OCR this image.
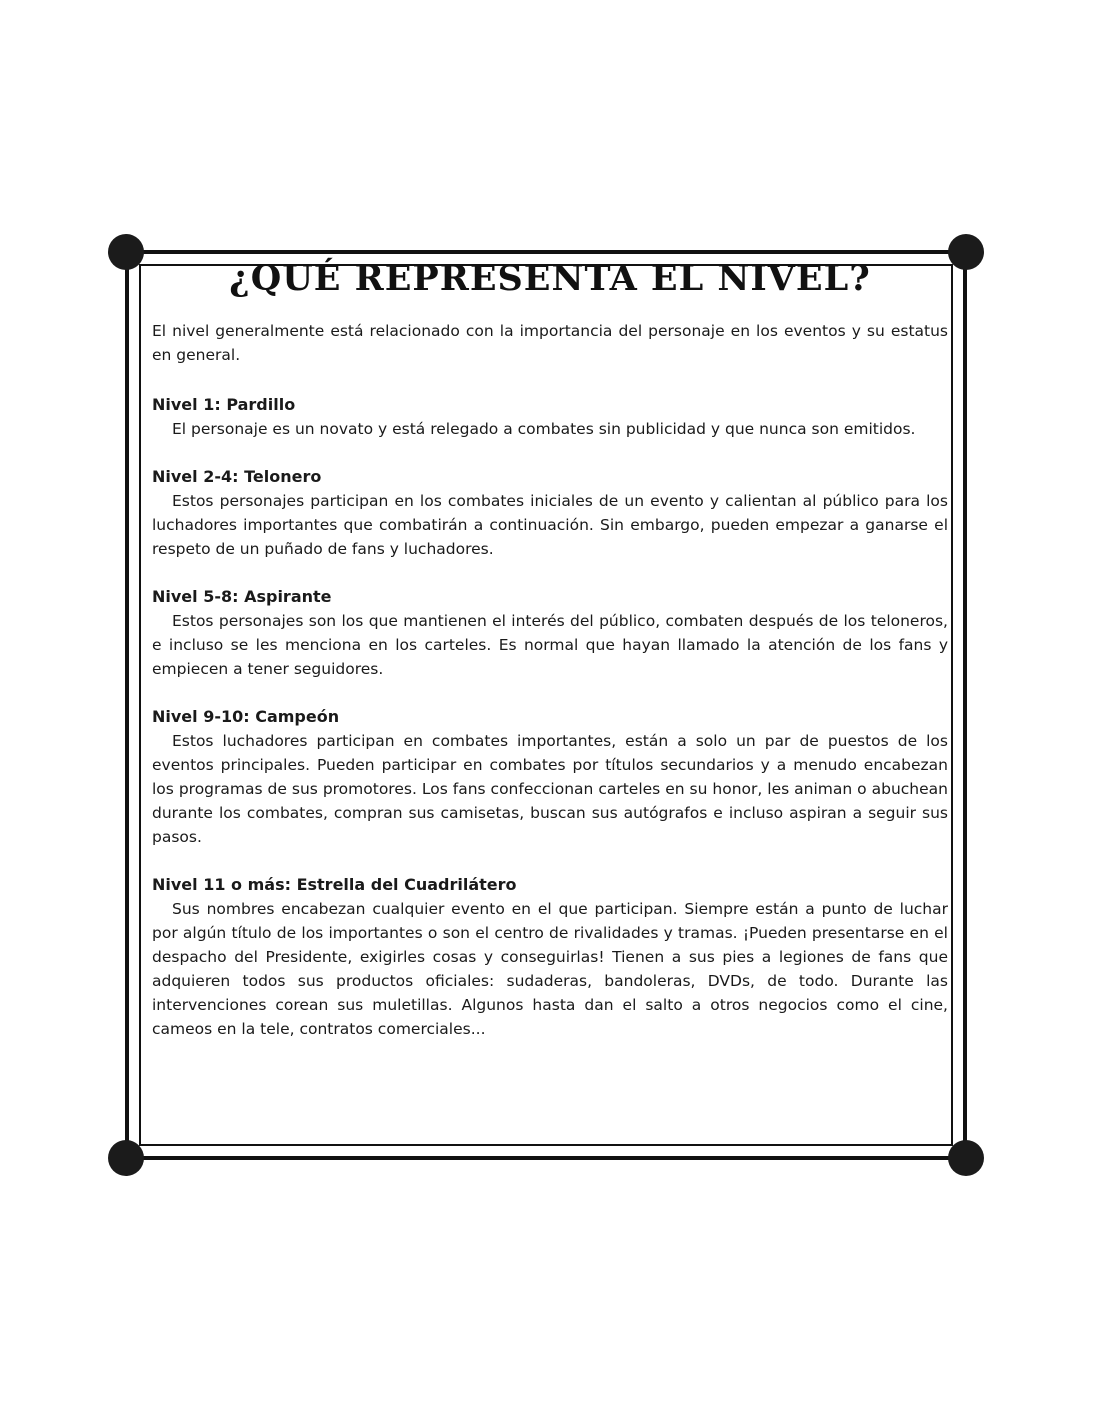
¿QUÉ REPRESENTA EL NIVEL?

El nivel generalmente está relacionado con la importancia del personaje en los eventos y su estatus en general.

Nivel 1: Pardillo

El personaje es un novato y está relegado a combates sin publicidad y que nunca son emitidos.

Nivel 2-4: Telonero

Estos personajes participan en los combates iniciales de un evento y calientan al público para los luchadores importantes que combatirán a continuación. Sin embargo, pueden empezar a ganarse el respeto de un puñado de fans y luchadores.

Nivel 5-8: Aspirante

Estos personajes son los que mantienen el interés del público, combaten después de los teloneros, e incluso se les menciona en los carteles. Es normal que hayan llamado la atención de los fans y empiecen a tener seguidores.

Nivel 9-10: Campeón

Estos luchadores participan en combates importantes, están a solo un par de puestos de los eventos principales. Pueden participar en combates por títulos secundarios y a menudo encabezan los programas de sus promotores. Los fans confeccionan carteles en su honor, les animan o abuchean durante los combates, compran sus camisetas, buscan sus autógrafos e incluso aspiran a seguir sus pasos.

Nivel 11 o más: Estrella del Cuadrilátero

Sus nombres encabezan cualquier evento en el que participan. Siempre están a punto de luchar por algún título de los importantes o son el centro de rivalidades y tramas. ¡Pueden presentarse en el despacho del Presidente, exigirles cosas y conseguirlas! Tienen a sus pies a legiones de fans que adquieren todos sus productos oficiales: sudaderas, bandoleras, DVDs, de todo. Durante las intervenciones corean sus muletillas. Algunos hasta dan el salto a otros negocios como el cine, cameos en la tele, contratos comerciales...
